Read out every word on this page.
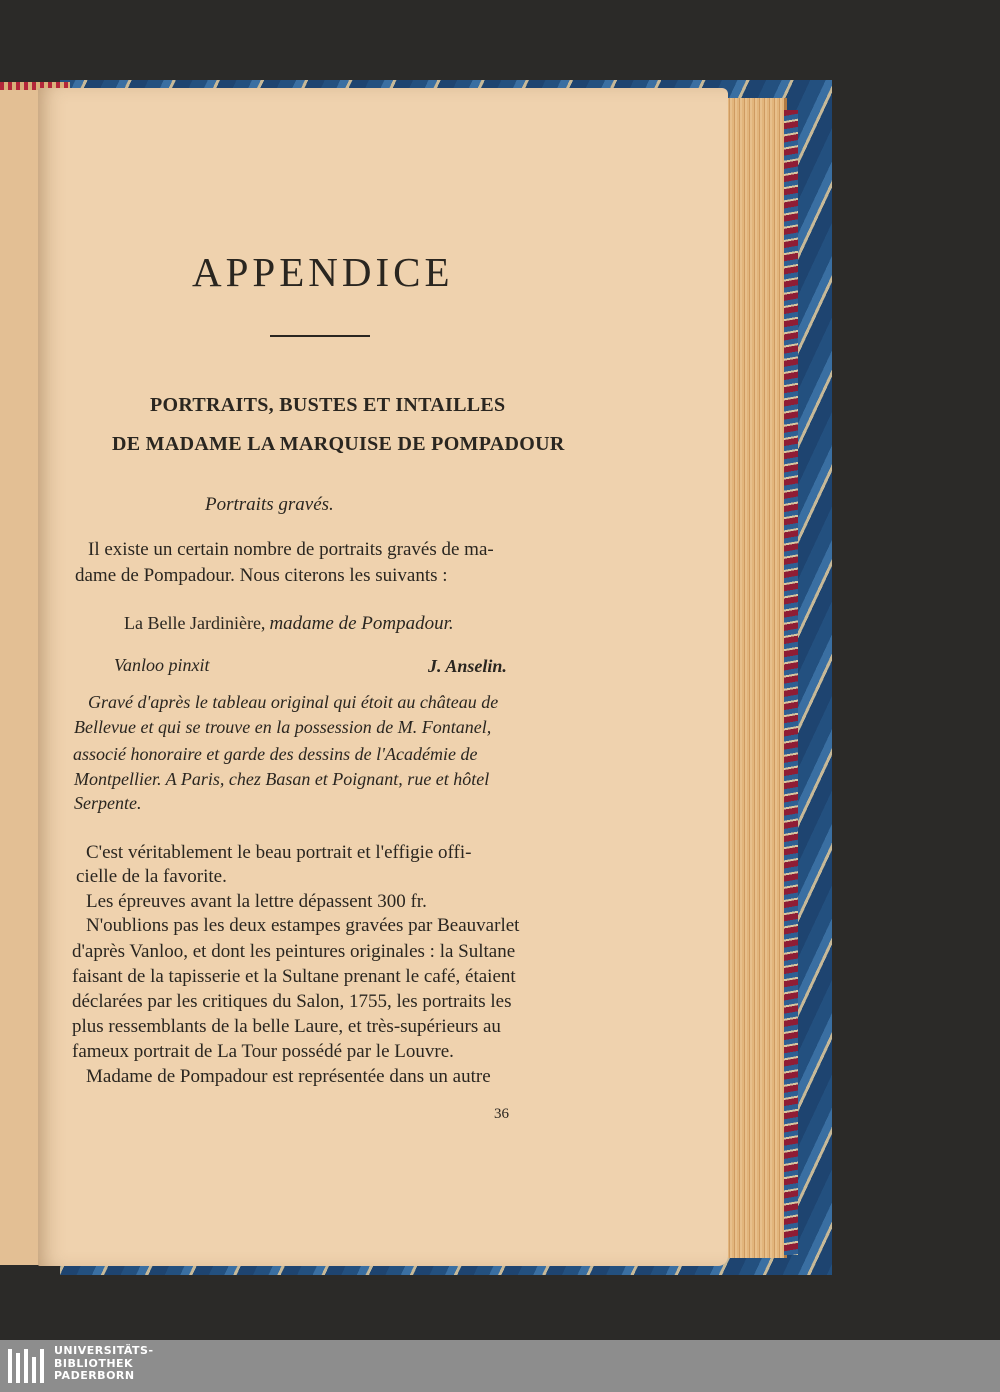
APPENDICE
PORTRAITS, BUSTES ET INTAILLES
DE MADAME LA MARQUISE DE POMPADOUR
Portraits gravés.
Il existe un certain nombre de portraits gravés de ma-
dame de Pompadour. Nous citerons les suivants :
La Belle Jardinière, madame de Pompadour.
Vanloo pinxit	J. Anselin.
Gravé d'après le tableau original qui étoit au château de
Bellevue et qui se trouve en la possession de M. Fontanel,
associé honoraire et garde des dessins de l'Académie de
Montpellier. A Paris, chez Basan et Poignant, rue et hôtel
Serpente.
C'est véritablement le beau portrait et l'effigie offi-
cielle de la favorite.
Les épreuves avant la lettre dépassent 300 fr.
N'oublions pas les deux estampes gravées par Beauvarlet
d'après Vanloo, et dont les peintures originales : la Sultane
faisant de la tapisserie et la Sultane prenant le café, étaient
déclarées par les critiques du Salon, 1755, les portraits les
plus ressemblants de la belle Laure, et très-supérieurs au
fameux portrait de La Tour possédé par le Louvre.
Madame de Pompadour est représentée dans un autre
36
UNIVERSITÄTS-
BIBLIOTHEK
PADERBORN
